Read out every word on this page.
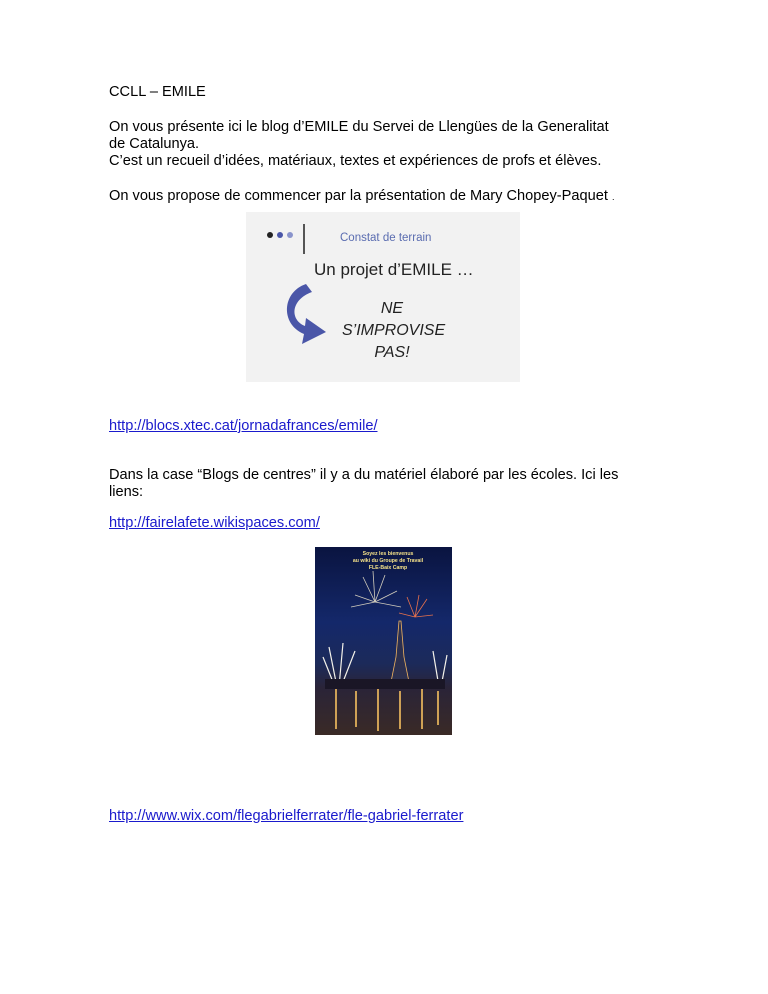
CCLL – EMILE

On vous présente ici le blog d’EMILE du Servei de Llengües de la Generalitat

de Catalunya.

C’est un recueil d’idées, matériaux, textes et expériences de profs et élèves.

On vous propose de commencer par la présentation de Mary Chopey-Paquet .

Constat de terrain
Un projet d’EMILE …
NE
S’IMPROVISE
PAS!
http://blocs.xtec.cat/jornadafrances/emile/

Dans la case “Blogs de centres” il y a du matériel élaboré par les écoles. Ici les

liens:

http://fairelafete.wikispaces.com/
Soyez les bienvenus
au wiki du Groupe de Travail
FLE-Baix Camp
http://www.wix.com/flegabrielferrater/fle-gabriel-ferrater
